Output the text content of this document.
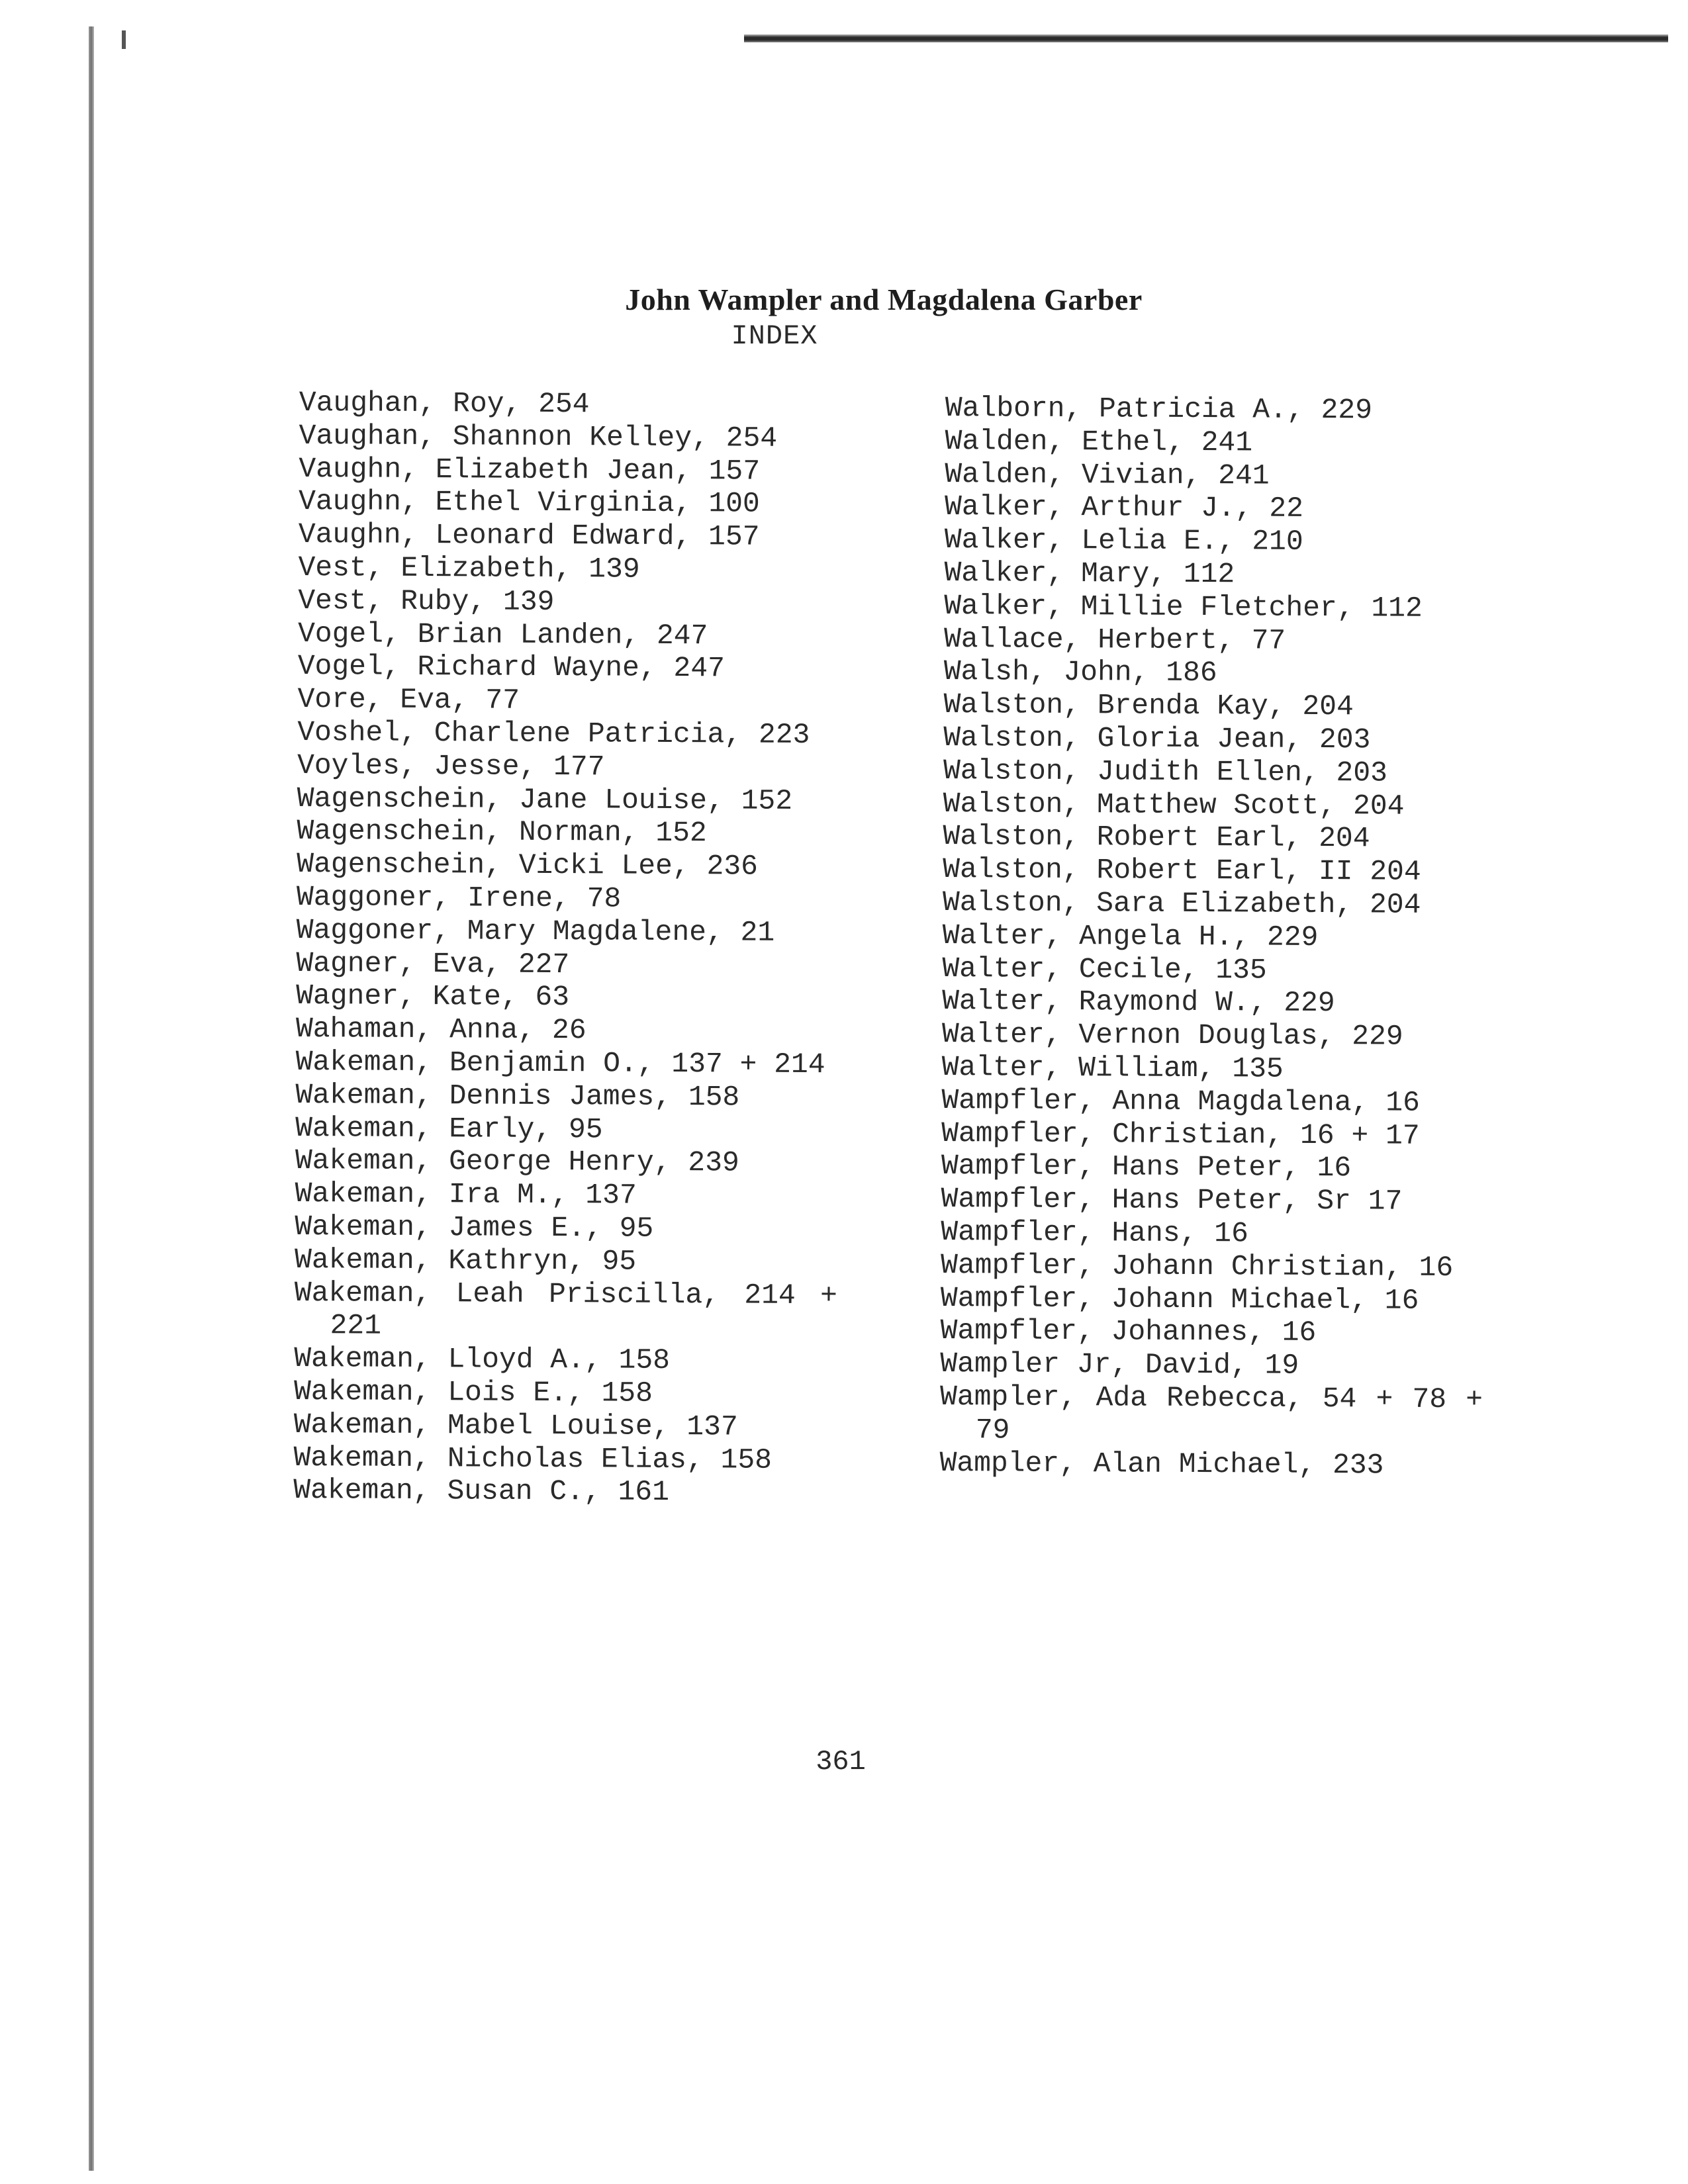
John Wampler and Magdalena Garber
INDEX
Vaughan, Roy, 254
Vaughan, Shannon Kelley, 254
Vaughn, Elizabeth Jean, 157
Vaughn, Ethel Virginia, 100
Vaughn, Leonard Edward, 157
Vest, Elizabeth, 139
Vest, Ruby, 139
Vogel, Brian Landen, 247
Vogel, Richard Wayne, 247
Vore, Eva, 77
Voshel, Charlene Patricia, 223
Voyles, Jesse, 177
Wagenschein, Jane Louise, 152
Wagenschein, Norman, 152
Wagenschein, Vicki Lee, 236
Waggoner, Irene, 78
Waggoner, Mary Magdalene, 21
Wagner, Eva, 227
Wagner, Kate, 63
Wahaman, Anna, 26
Wakeman, Benjamin O., 137 + 214
Wakeman, Dennis James, 158
Wakeman, Early, 95
Wakeman, George Henry, 239
Wakeman, Ira M., 137
Wakeman, James E., 95
Wakeman, Kathryn, 95
Wakeman, Leah Priscilla, 214 + 221
Wakeman, Lloyd A., 158
Wakeman, Lois E., 158
Wakeman, Mabel Louise, 137
Wakeman, Nicholas Elias, 158
Wakeman, Susan C., 161
Walborn, Patricia A., 229
Walden, Ethel, 241
Walden, Vivian, 241
Walker, Arthur J., 22
Walker, Lelia E., 210
Walker, Mary, 112
Walker, Millie Fletcher, 112
Wallace, Herbert, 77
Walsh, John, 186
Walston, Brenda Kay, 204
Walston, Gloria Jean, 203
Walston, Judith Ellen, 203
Walston, Matthew Scott, 204
Walston, Robert Earl, 204
Walston, Robert Earl, II 204
Walston, Sara Elizabeth, 204
Walter, Angela H., 229
Walter, Cecile, 135
Walter, Raymond W., 229
Walter, Vernon Douglas, 229
Walter, William, 135
Wampfler, Anna Magdalena, 16
Wampfler, Christian, 16 + 17
Wampfler, Hans Peter, 16
Wampfler, Hans Peter, Sr 17
Wampfler, Hans, 16
Wampfler, Johann Christian, 16
Wampfler, Johann Michael, 16
Wampfler, Johannes, 16
Wampler Jr, David, 19
Wampler, Ada Rebecca, 54 + 78 + 79
Wampler, Alan Michael, 233
361
